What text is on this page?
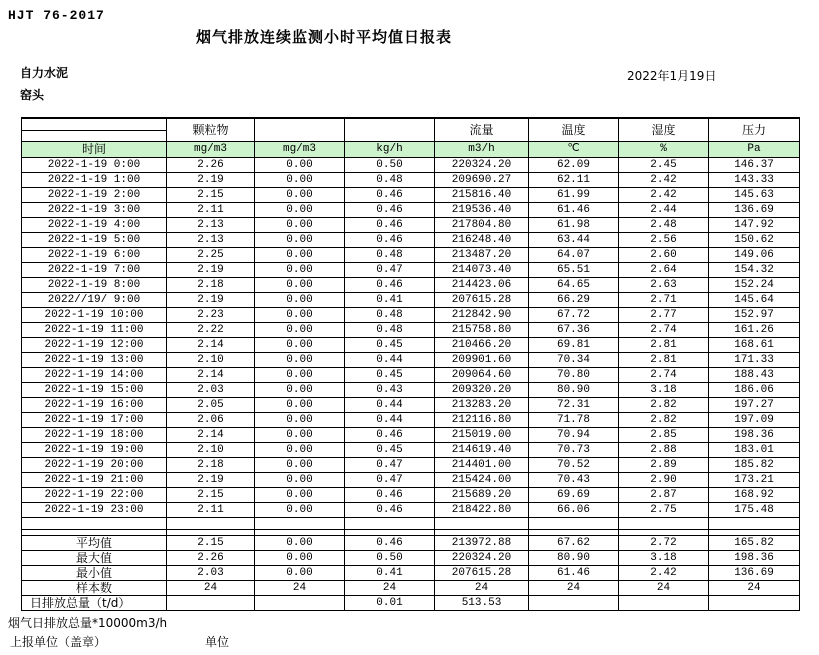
HJT 76-2017
烟气排放连续监测小时平均值日报表
自力水泥
窑头
2022年1月19日
	颗粒物			流量	温度	湿度	压力

时间	mg/m3	mg/m3	kg/h	m3/h	℃	%	Pa
2022-1-19 0:00	2.26	0.00	0.50	220324.20	62.09	2.45	146.37
2022-1-19 1:00	2.19	0.00	0.48	209690.27	62.11	2.42	143.33
2022-1-19 2:00	2.15	0.00	0.46	215816.40	61.99	2.42	145.63
2022-1-19 3:00	2.11	0.00	0.46	219536.40	61.46	2.44	136.69
2022-1-19 4:00	2.13	0.00	0.46	217804.80	61.98	2.48	147.92
2022-1-19 5:00	2.13	0.00	0.46	216248.40	63.44	2.56	150.62
2022-1-19 6:00	2.25	0.00	0.48	213487.20	64.07	2.60	149.06
2022-1-19 7:00	2.19	0.00	0.47	214073.40	65.51	2.64	154.32
2022-1-19 8:00	2.18	0.00	0.46	214423.06	64.65	2.63	152.24
2022//19/ 9:00	2.19	0.00	0.41	207615.28	66.29	2.71	145.64
2022-1-19 10:00	2.23	0.00	0.48	212842.90	67.72	2.77	152.97
2022-1-19 11:00	2.22	0.00	0.48	215758.80	67.36	2.74	161.26
2022-1-19 12:00	2.14	0.00	0.45	210466.20	69.81	2.81	168.61
2022-1-19 13:00	2.10	0.00	0.44	209901.60	70.34	2.81	171.33
2022-1-19 14:00	2.14	0.00	0.45	209064.60	70.80	2.74	188.43
2022-1-19 15:00	2.03	0.00	0.43	209320.20	80.90	3.18	186.06
2022-1-19 16:00	2.05	0.00	0.44	213283.20	72.31	2.82	197.27
2022-1-19 17:00	2.06	0.00	0.44	212116.80	71.78	2.82	197.09
2022-1-19 18:00	2.14	0.00	0.46	215019.00	70.94	2.85	198.36
2022-1-19 19:00	2.10	0.00	0.45	214619.40	70.73	2.88	183.01
2022-1-19 20:00	2.18	0.00	0.47	214401.00	70.52	2.89	185.82
2022-1-19 21:00	2.19	0.00	0.47	215424.00	70.43	2.90	173.21
2022-1-19 22:00	2.15	0.00	0.46	215689.20	69.69	2.87	168.92
2022-1-19 23:00	2.11	0.00	0.46	218422.80	66.06	2.75	175.48

平均值	2.15	0.00	0.46	213972.88	67.62	2.72	165.82
最大值	2.26	0.00	0.50	220324.20	80.90	3.18	198.36
最小值	2.03	0.00	0.41	207615.28	61.46	2.42	136.69
样本数	24	24	24	24	24	24	24
日排放总量（t/d）			0.01	513.53			
烟气日排放总量*10000m3/h
上报单位（盖章）	单位
